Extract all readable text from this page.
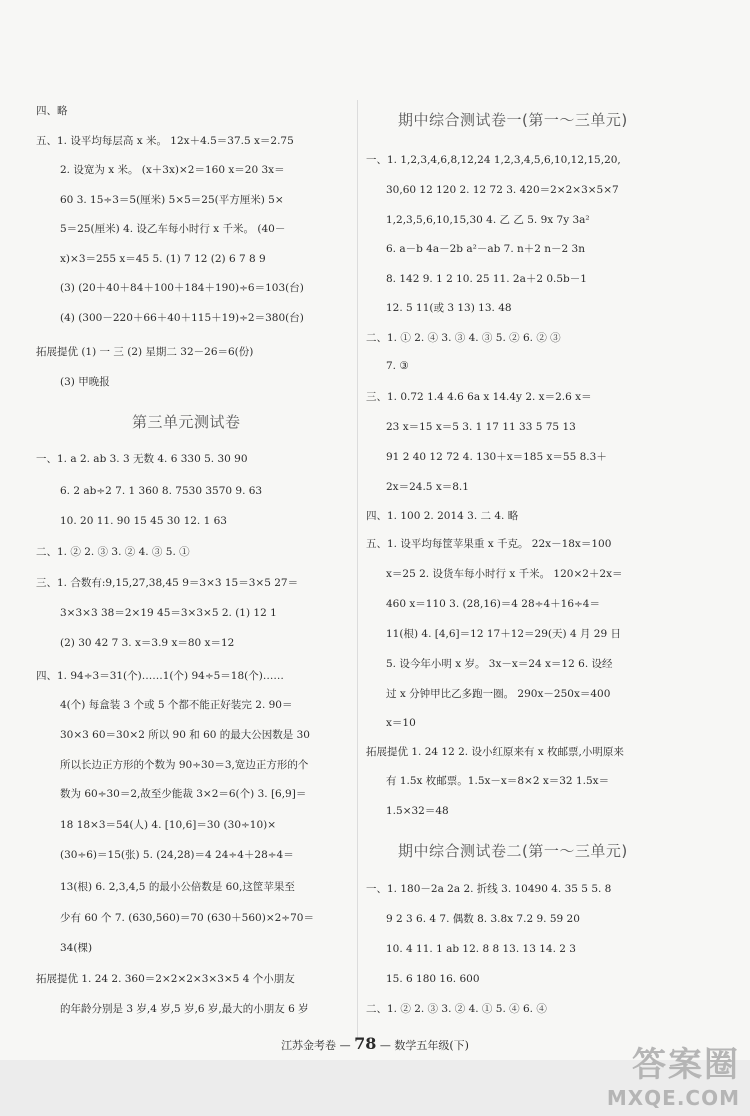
四、略
五、1. 设平均每层高 x 米。 12x＋4.5＝37.5 x＝2.75
2. 设宽为 x 米。 (x＋3x)×2＝160 x＝20 3x＝
60 3. 15÷3＝5(厘米) 5×5＝25(平方厘米) 5×
5＝25(厘米) 4. 设乙车每小时行 x 千米。 (40－
x)×3＝255 x＝45 5. (1) 7 12 (2) 6 7 8 9
(3) (20＋40＋84＋100＋184＋190)÷6＝103(台)
(4) (300－220＋66＋40＋115＋19)÷2＝380(台)
拓展提优 (1) 一 三 (2) 星期二 32－26＝6(份)
(3) 甲晚报
第三单元测试卷
一、1. a 2. ab 3. 3 无数 4. 6 330 5. 30 90
6. 2 ab÷2 7. 1 360 8. 7530 3570 9. 63
10. 20 11. 90 15 45 30 12. 1 63
二、1. ② 2. ③ 3. ② 4. ③ 5. ①
三、1. 合数有:9,15,27,38,45 9＝3×3 15＝3×5 27＝
3×3×3 38＝2×19 45＝3×3×5 2. (1) 12 1
(2) 30 42 7 3. x＝3.9 x＝80 x＝12
四、1. 94÷3＝31(个)……1(个) 94÷5＝18(个)……
4(个) 每盒装 3 个或 5 个都不能正好装完 2. 90＝
30×3 60＝30×2 所以 90 和 60 的最大公因数是 30
所以长边正方形的个数为 90÷30＝3,宽边正方形的个
数为 60÷30＝2,故至少能裁 3×2＝6(个) 3. [6,9]＝
18 18×3＝54(人) 4. [10,6]＝30 (30÷10)×
(30÷6)＝15(张) 5. (24,28)＝4 24÷4＋28÷4＝
13(根) 6. 2,3,4,5 的最小公倍数是 60,这筐苹果至
少有 60 个 7. (630,560)＝70 (630＋560)×2÷70＝
34(棵)
拓展提优 1. 24 2. 360＝2×2×2×3×3×5 4 个小朋友
期中综合测试卷一(第一～三单元)
一、1. 1,2,3,4,6,8,12,24 1,2,3,4,5,6,10,12,15,20,
30,60 12 120 2. 12 72 3. 420＝2×2×3×5×7
1,2,3,5,6,10,15,30 4. 乙 乙 5. 9x 7y 3a²
6. a－b 4a－2b a²－ab 7. n＋2 n－2 3n
8. 142 9. 1 2 10. 25 11. 2a＋2 0.5b－1
12. 5 11(或 3 13) 13. 48
二、1. ① 2. ④ 3. ③ 4. ③ 5. ② 6. ② ③
7. ③
三、1. 0.72 1.4 4.6 6a x 14.4y 2. x＝2.6 x＝
23 x＝15 x＝5 3. 1 17 11 33 5 75 13
91 2 40 12 72 4. 130＋x＝185 x＝55 8.3＋
2x＝24.5 x＝8.1
四、1. 100 2. 2014 3. 二 4. 略
五、1. 设平均每筐苹果重 x 千克。 22x－18x＝100
x＝25 2. 设货车每小时行 x 千米。 120×2＋2x＝
460 x＝110 3. (28,16)＝4 28÷4＋16÷4＝
11(根) 4. [4,6]＝12 17＋12＝29(天) 4 月 29 日
5. 设今年小明 x 岁。 3x－x＝24 x＝12 6. 设经
过 x 分钟甲比乙多跑一圈。 290x－250x＝400
x＝10
拓展提优 1. 24 12 2. 设小红原来有 x 枚邮票,小明原来
有 1.5x 枚邮票。1.5x－x＝8×2 x＝32 1.5x＝
1.5×32＝48
期中综合测试卷二(第一～三单元)
一、1. 180－2a 2a 2. 折线 3. 10490 4. 35 5 5. 8
9 2 3 6. 4 7. 偶数 8. 3.8x 7.2 9. 59 20
10. 4 11. 1 ab 12. 8 8 13. 13 14. 2 3
15. 6 180 16. 600
二、1. ② 2. ③ 3. ② 4. ① 5. ④ 6. ④
的年龄分别是 3 岁,4 岁,5 岁,6 岁,最大的小朋友 6 岁
江苏金考卷 — 78 — 数学五年级(下)	答案圈
MXQE.COM
